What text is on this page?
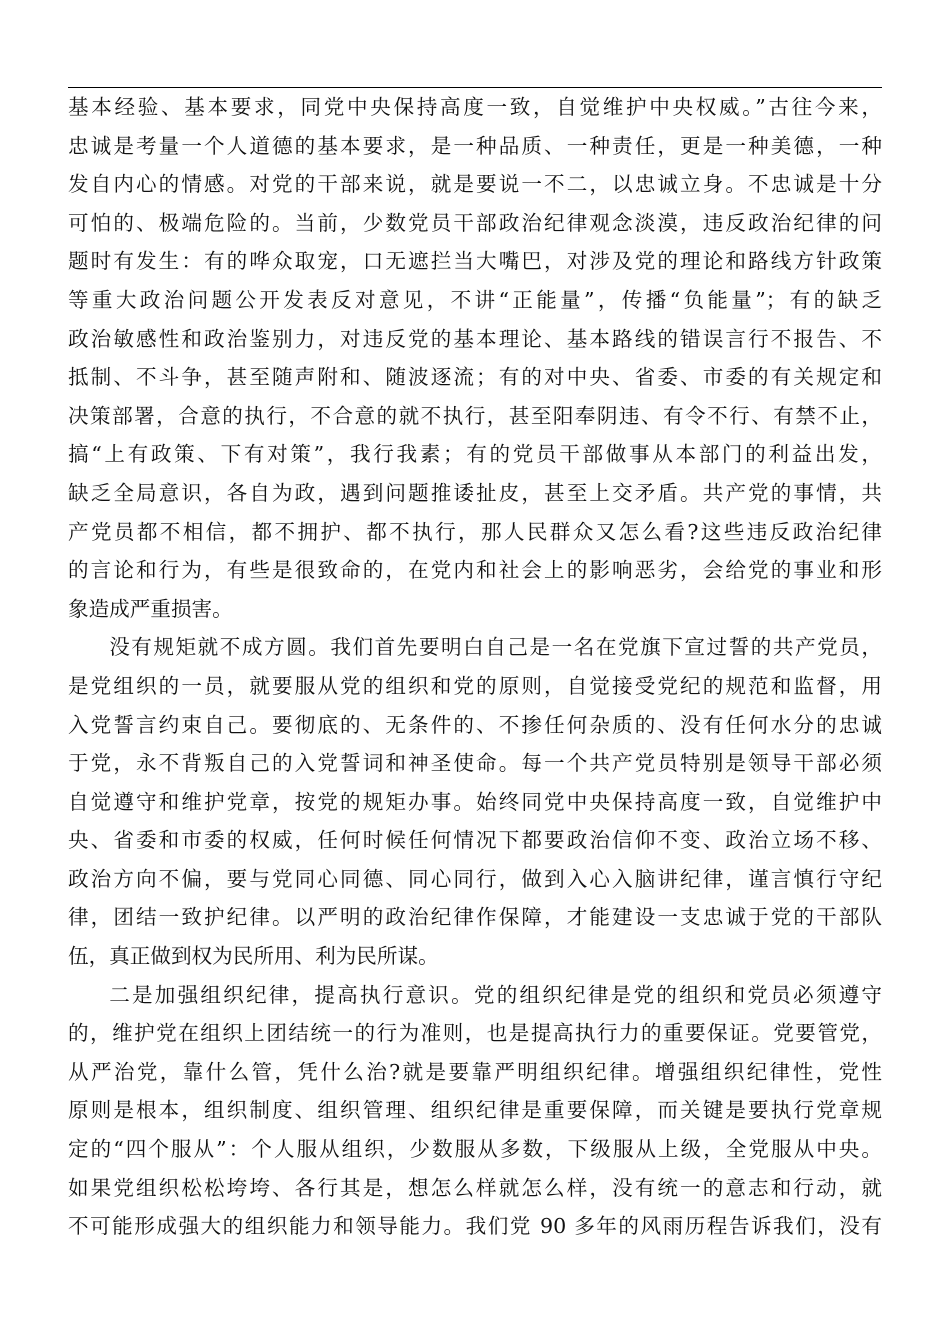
基本经验、基本要求，同党中央保持高度一致，自觉维护中央权威。”古往今来，
忠诚是考量一个人道德的基本要求，是一种品质、一种责任，更是一种美德，一种
发自内心的情感。对党的干部来说，就是要说一不二，以忠诚立身。不忠诚是十分
可怕的、极端危险的。当前，少数党员干部政治纪律观念淡漠，违反政治纪律的问
题时有发生：有的哗众取宠，口无遮拦当大嘴巴，对涉及党的理论和路线方针政策
等重大政治问题公开发表反对意见，不讲“正能量”，传播“负能量”；有的缺乏
政治敏感性和政治鉴别力，对违反党的基本理论、基本路线的错误言行不报告、不
抵制、不斗争，甚至随声附和、随波逐流；有的对中央、省委、市委的有关规定和
决策部署，合意的执行，不合意的就不执行，甚至阳奉阴违、有令不行、有禁不止，
搞“上有政策、下有对策”，我行我素；有的党员干部做事从本部门的利益出发，
缺乏全局意识，各自为政，遇到问题推诿扯皮，甚至上交矛盾。共产党的事情，共
产党员都不相信，都不拥护、都不执行，那人民群众又怎么看?这些违反政治纪律
的言论和行为，有些是很致命的，在党内和社会上的影响恶劣，会给党的事业和形
象造成严重损害。
没有规矩就不成方圆。我们首先要明白自己是一名在党旗下宣过誓的共产党员，
是党组织的一员，就要服从党的组织和党的原则，自觉接受党纪的规范和监督，用
入党誓言约束自己。要彻底的、无条件的、不掺任何杂质的、没有任何水分的忠诚
于党，永不背叛自己的入党誓词和神圣使命。每一个共产党员特别是领导干部必须
自觉遵守和维护党章，按党的规矩办事。始终同党中央保持高度一致，自觉维护中
央、省委和市委的权威，任何时候任何情况下都要政治信仰不变、政治立场不移、
政治方向不偏，要与党同心同德、同心同行，做到入心入脑讲纪律，谨言慎行守纪
律，团结一致护纪律。以严明的政治纪律作保障，才能建设一支忠诚于党的干部队
伍，真正做到权为民所用、利为民所谋。
二是加强组织纪律，提高执行意识。党的组织纪律是党的组织和党员必须遵守
的，维护党在组织上团结统一的行为准则，也是提高执行力的重要保证。党要管党，
从严治党，靠什么管，凭什么治?就是要靠严明组织纪律。增强组织纪律性，党性
原则是根本，组织制度、组织管理、组织纪律是重要保障，而关键是要执行党章规
定的“四个服从”：个人服从组织，少数服从多数，下级服从上级，全党服从中央。
如果党组织松松垮垮、各行其是，想怎么样就怎么样，没有统一的意志和行动，就
不可能形成强大的组织能力和领导能力。我们党 90 多年的风雨历程告诉我们，没有
